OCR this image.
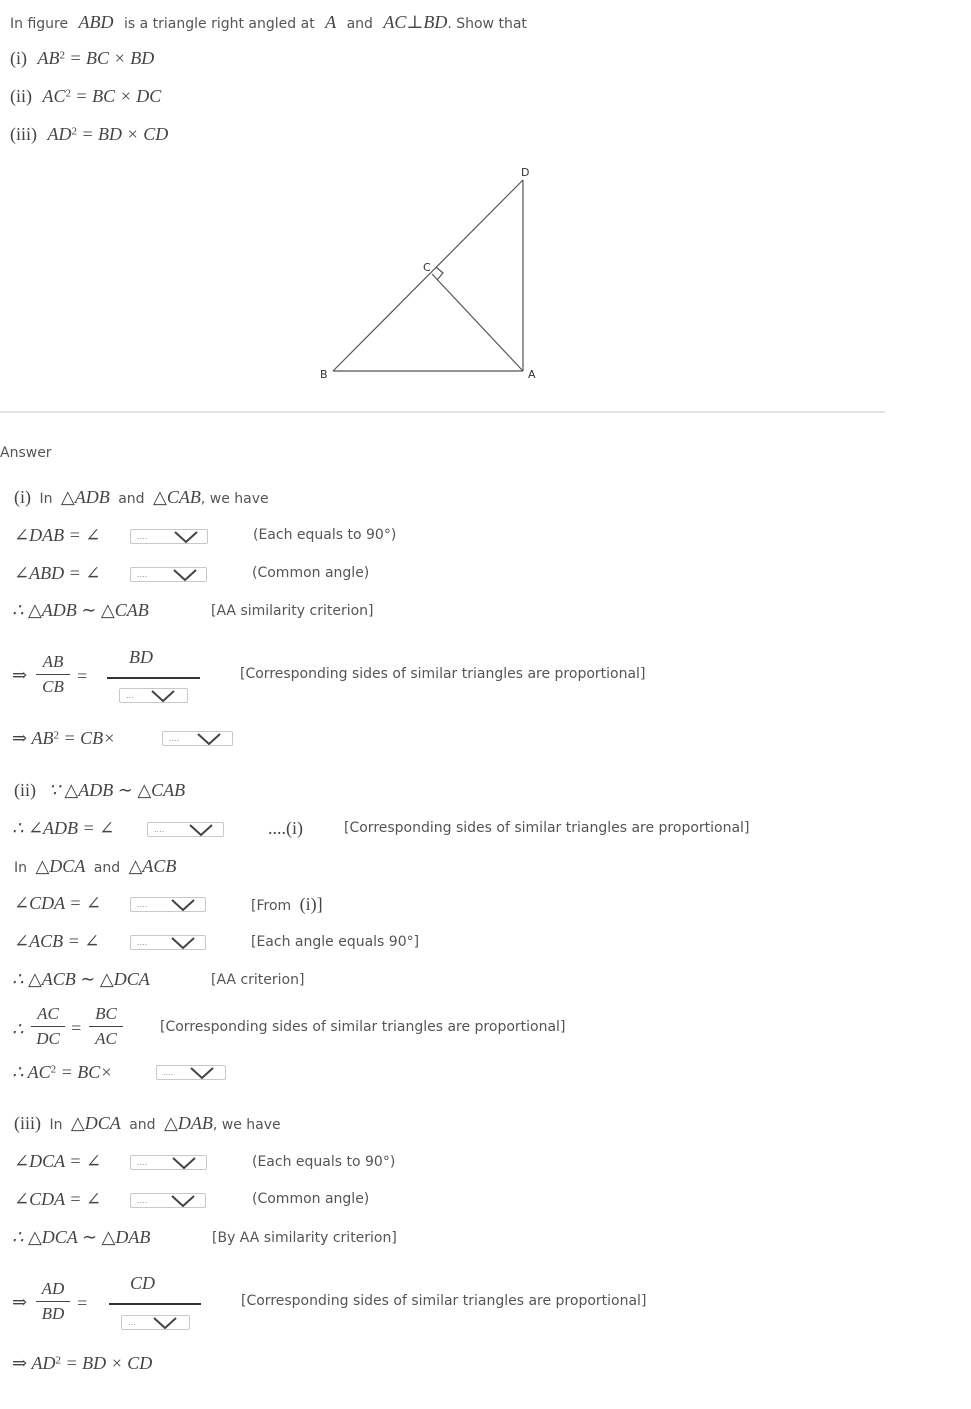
In figure ABD is a triangle right angled at A and AC⊥BD. Show that
(i) $AB^2$ = BC × BD
(ii) $AC^2$ = BC × DC
(iii) $AD^2$ = BD × CD
D
C
B	A
Answer
(i) In △ADB and △CAB, we have
∠DAB = ∠	....	(Each equals to 90°)
∠ABD = ∠	....	(Common angle)
∴ △ADB ∼ △CAB	[AA similarity criterion]
⇒
AB
CB
=
BD
...
[Corresponding sides of similar triangles are proportional]
⇒ $AB^2 = CB\times$	....
(ii) ∵ △ADB ∼ △CAB
∴ ∠ADB = ∠	....	....(i)	[Corresponding sides of similar triangles are proportional]
In △DCA and △ACB
∠CDA = ∠	....	[From (i)]
∠ACB = ∠	....	[Each angle equals 90°]
∴ △ACB ∼ △DCA	[AA criterion]
∴
AC
DC
=
BC
AC
[Corresponding sides of similar triangles are proportional]
∴ $AC^2 = BC\times$	....
(iii) In △DCA and △DAB, we have
∠DCA = ∠	....	(Each equals to 90°)
∠CDA = ∠	....	(Common angle)
∴ △DCA ∼ △DAB	[By AA similarity criterion]
⇒
AD
BD
=
CD
...
[Corresponding sides of similar triangles are proportional]
⇒ $AD^2$ = BD × CD
